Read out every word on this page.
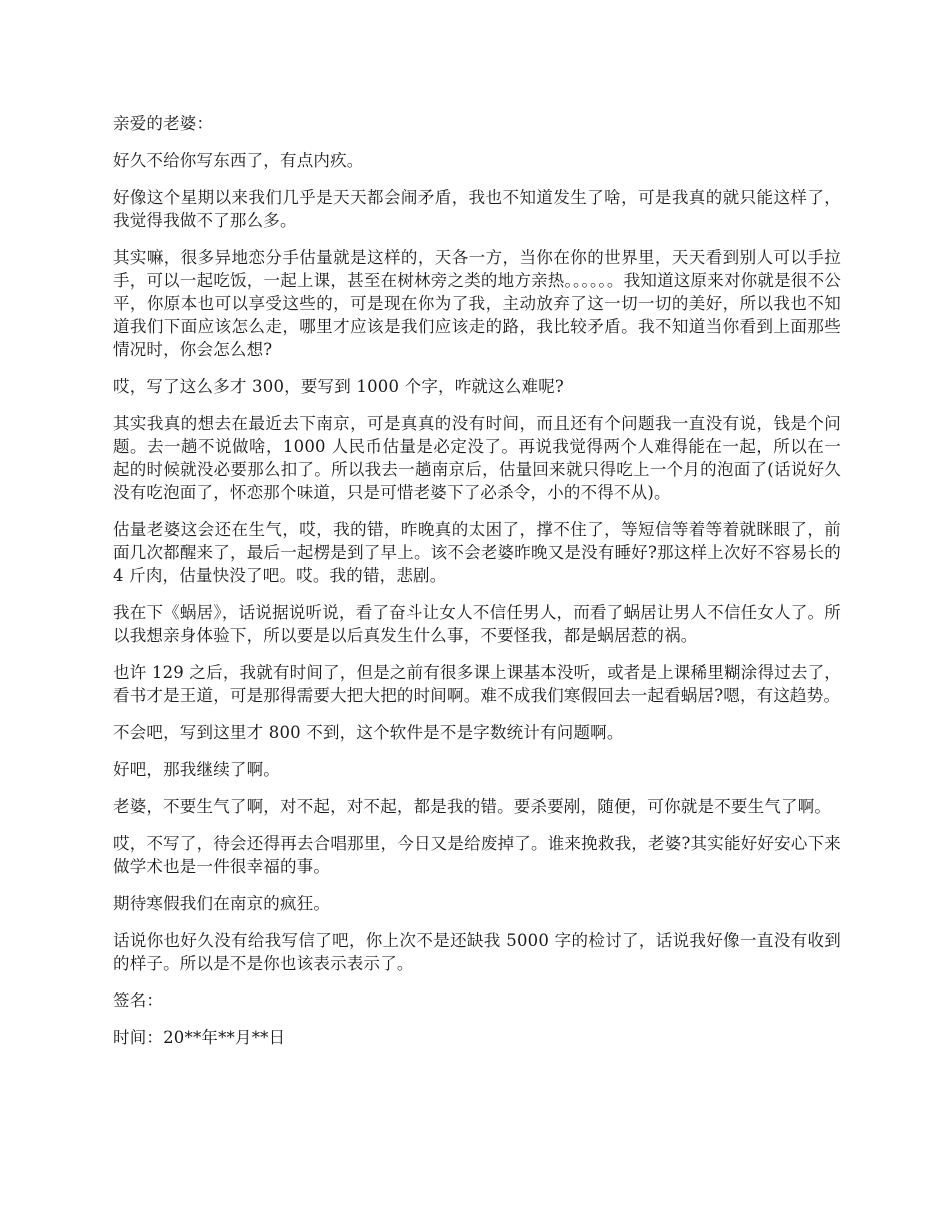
亲爱的老婆：

好久不给你写东西了，有点内疚。

好像这个星期以来我们几乎是天天都会闹矛盾，我也不知道发生了啥，可是我真的就只能这样了，我觉得我做不了那么多。

其实嘛，很多异地恋分手估量就是这样的，天各一方，当你在你的世界里，天天看到别人可以手拉手，可以一起吃饭，一起上课，甚至在树林旁之类的地方亲热。。。。。。我知道这原来对你就是很不公平，你原本也可以享受这些的，可是现在你为了我，主动放弃了这一切一切的美好，所以我也不知道我们下面应该怎么走，哪里才应该是我们应该走的路，我比较矛盾。我不知道当你看到上面那些情况时，你会怎么想?

哎，写了这么多才 300，要写到 1000 个字，咋就这么难呢?

其实我真的想去在最近去下南京，可是真真的没有时间，而且还有个问题我一直没有说，钱是个问题。去一趟不说做啥，1000 人民币估量是必定没了。再说我觉得两个人难得能在一起，所以在一起的时候就没必要那么扣了。所以我去一趟南京后，估量回来就只得吃上一个月的泡面了(话说好久没有吃泡面了，怀恋那个味道，只是可惜老婆下了必杀令，小的不得不从)。

估量老婆这会还在生气，哎，我的错，昨晚真的太困了，撑不住了，等短信等着等着就眯眼了，前面几次都醒来了，最后一起楞是到了早上。该不会老婆昨晚又是没有睡好?那这样上次好不容易长的 4 斤肉，估量快没了吧。哎。我的错，悲剧。

我在下《蜗居》，话说据说听说，看了奋斗让女人不信任男人，而看了蜗居让男人不信任女人了。所以我想亲身体验下，所以要是以后真发生什么事，不要怪我，都是蜗居惹的祸。

也许 129 之后，我就有时间了，但是之前有很多课上课基本没听，或者是上课稀里糊涂得过去了，看书才是王道，可是那得需要大把大把的时间啊。难不成我们寒假回去一起看蜗居?嗯，有这趋势。

不会吧，写到这里才 800 不到，这个软件是不是字数统计有问题啊。

好吧，那我继续了啊。

老婆，不要生气了啊，对不起，对不起，都是我的错。要杀要剐，随便，可你就是不要生气了啊。

哎，不写了，待会还得再去合唱那里，今日又是给废掉了。谁来挽救我，老婆?其实能好好安心下来做学术也是一件很幸福的事。

期待寒假我们在南京的疯狂。

话说你也好久没有给我写信了吧，你上次不是还缺我 5000 字的检讨了，话说我好像一直没有收到的样子。所以是不是你也该表示表示了。

签名：

时间：20**年**月**日
